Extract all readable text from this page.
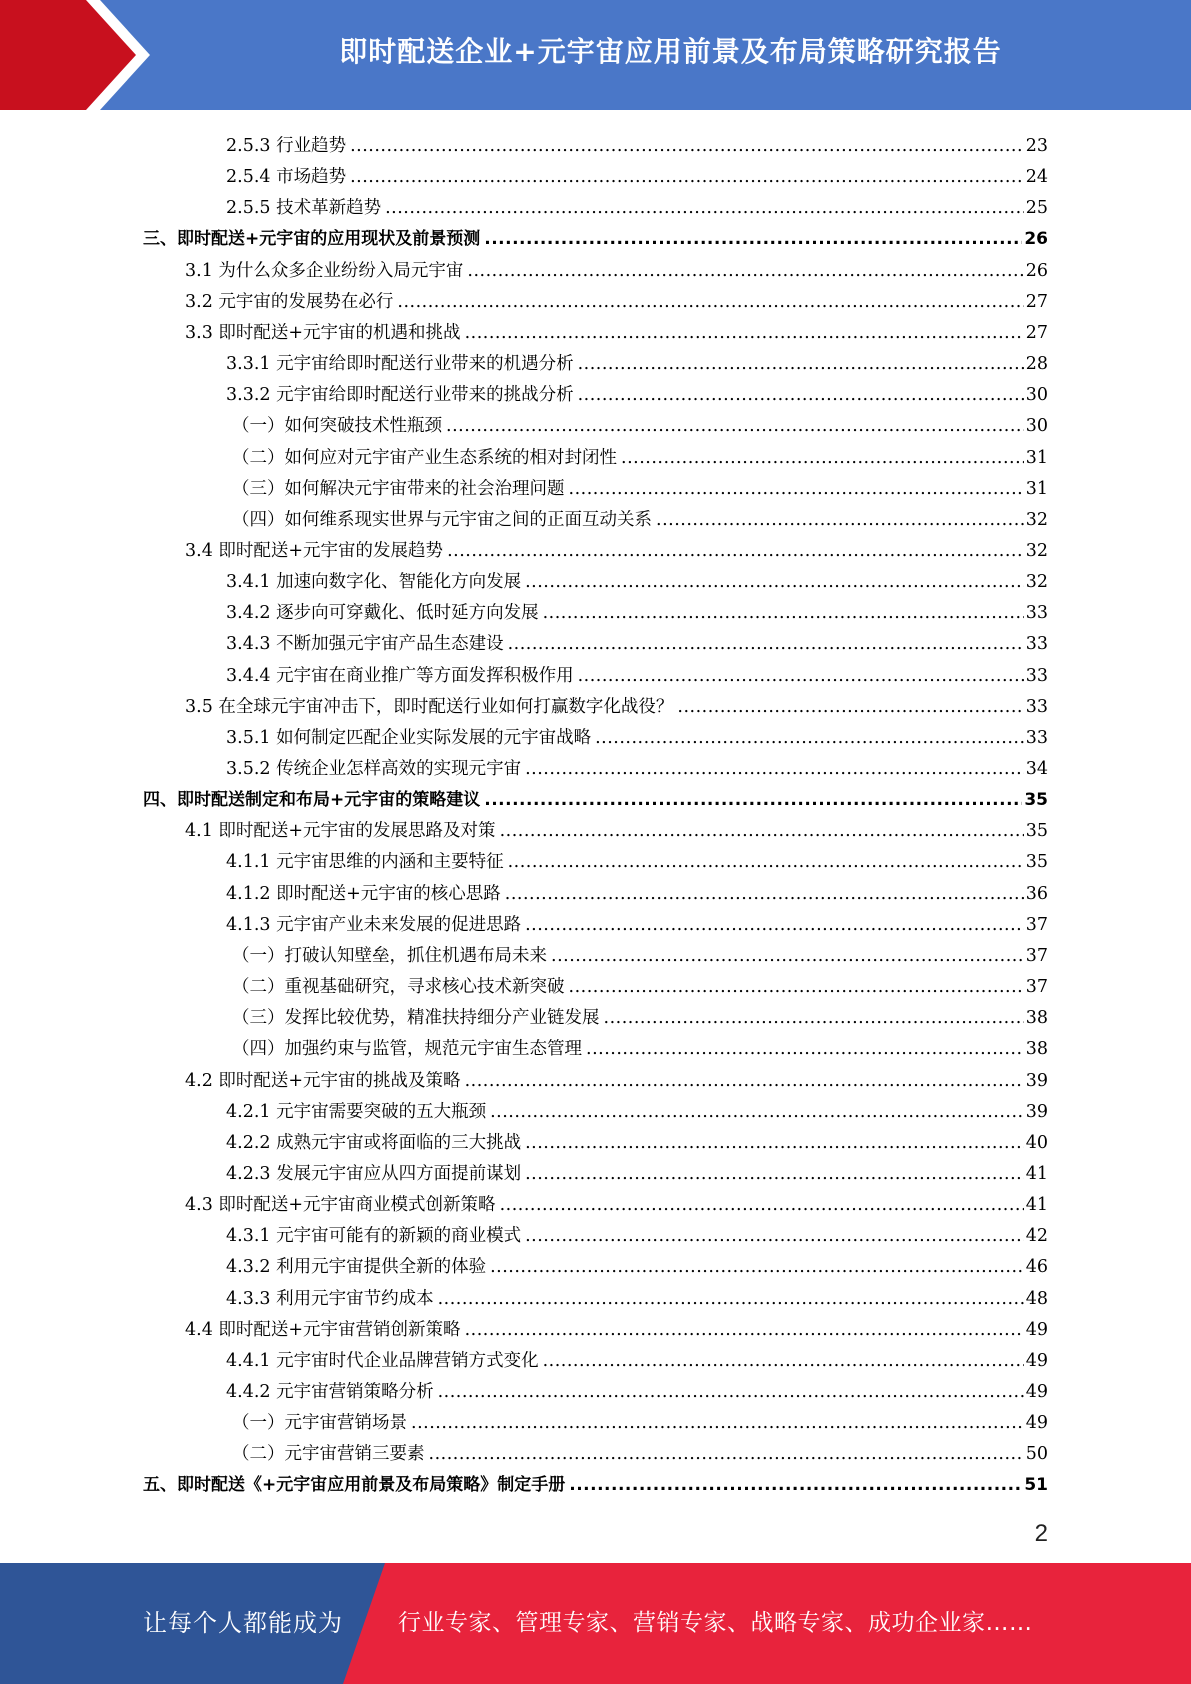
即时配送企业+元宇宙应用前景及布局策略研究报告
2.5.3 行业趋势 .....	23
2.5.4 市场趋势 .....	24
2.5.5 技术革新趋势 .....	25
三、即时配送+元宇宙的应用现状及前景预测 .....	26
3.1 为什么众多企业纷纷入局元宇宙 .....	26
3.2 元宇宙的发展势在必行 .....	27
3.3 即时配送+元宇宙的机遇和挑战 .....	27
3.3.1 元宇宙给即时配送行业带来的机遇分析 .....	28
3.3.2 元宇宙给即时配送行业带来的挑战分析 .....	30
（一）如何突破技术性瓶颈 .....	30
（二）如何应对元宇宙产业生态系统的相对封闭性 .....	31
（三）如何解决元宇宙带来的社会治理问题 .....	31
（四）如何维系现实世界与元宇宙之间的正面互动关系 .....	32
3.4 即时配送+元宇宙的发展趋势 .....	32
3.4.1 加速向数字化、智能化方向发展 .....	32
3.4.2 逐步向可穿戴化、低时延方向发展 .....	33
3.4.3 不断加强元宇宙产品生态建设 .....	33
3.4.4 元宇宙在商业推广等方面发挥积极作用 .....	33
3.5 在全球元宇宙冲击下，即时配送行业如何打赢数字化战役？ .....	33
3.5.1 如何制定匹配企业实际发展的元宇宙战略 .....	33
3.5.2 传统企业怎样高效的实现元宇宙 .....	34
四、即时配送制定和布局+元宇宙的策略建议 .....	35
4.1 即时配送+元宇宙的发展思路及对策 .....	35
4.1.1 元宇宙思维的内涵和主要特征 .....	35
4.1.2 即时配送+元宇宙的核心思路 .....	36
4.1.3 元宇宙产业未来发展的促进思路 .....	37
（一）打破认知壁垒，抓住机遇布局未来 .....	37
（二）重视基础研究，寻求核心技术新突破 .....	37
（三）发挥比较优势，精准扶持细分产业链发展 .....	38
（四）加强约束与监管，规范元宇宙生态管理 .....	38
4.2 即时配送+元宇宙的挑战及策略 .....	39
4.2.1 元宇宙需要突破的五大瓶颈 .....	39
4.2.2 成熟元宇宙或将面临的三大挑战 .....	40
4.2.3 发展元宇宙应从四方面提前谋划 .....	41
4.3 即时配送+元宇宙商业模式创新策略 .....	41
4.3.1 元宇宙可能有的新颖的商业模式 .....	42
4.3.2 利用元宇宙提供全新的体验 .....	46
4.3.3 利用元宇宙节约成本 .....	48
4.4 即时配送+元宇宙营销创新策略 .....	49
4.4.1 元宇宙时代企业品牌营销方式变化 .....	49
4.4.2 元宇宙营销策略分析 .....	49
（一）元宇宙营销场景 .....	49
（二）元宇宙营销三要素 .....	50
五、即时配送《+元宇宙应用前景及布局策略》制定手册 .....	51
2
让每个人都能成为 行业专家、管理专家、营销专家、战略专家、成功企业家……
